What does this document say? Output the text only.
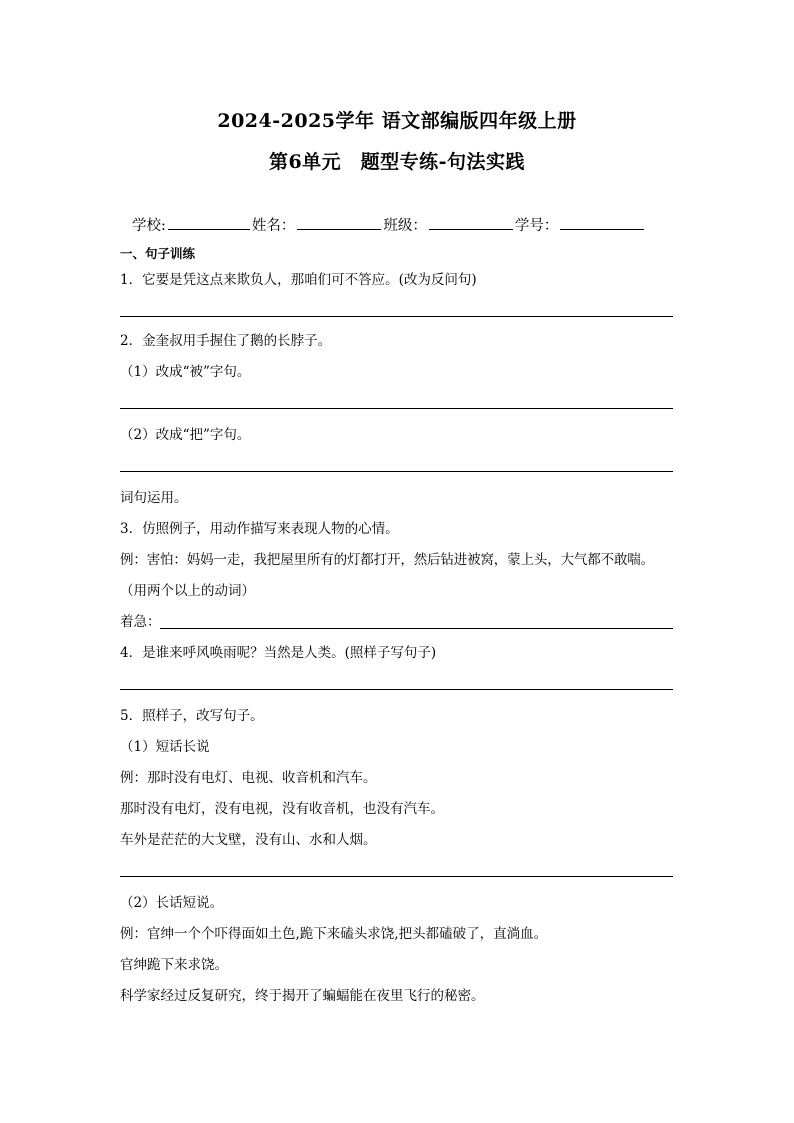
2024-2025学年 语文部编版四年级上册
第6单元　题型专练-句法实践
学校:	姓名：	班级：	学号：
一、句子训练
1．它要是凭这点来欺负人，那咱们可不答应。(改为反问句)
2．金奎叔用手握住了鹅的长脖子。
（1）改成“被”字句。
（2）改成“把”字句。
词句运用。
3．仿照例子，用动作描写来表现人物的心情。
例：害怕：妈妈一走，我把屋里所有的灯都打开，然后钻进被窝，蒙上头，大气都不敢喘。
（用两个以上的动词）
着急：
4．是谁来呼风唤雨呢？当然是人类。(照样子写句子)
5．照样子，改写句子。
（1）短话长说
例：那时没有电灯、电视、收音机和汽车。
那时没有电灯，没有电视，没有收音机，也没有汽车。
车外是茫茫的大戈壁，没有山、水和人烟。
（2）长话短说。
例：官绅一个个吓得面如土色,跪下来磕头求饶,把头都磕破了，直淌血。
官绅跪下来求饶。
科学家经过反复研究，终于揭开了蝙蝠能在夜里飞行的秘密。
